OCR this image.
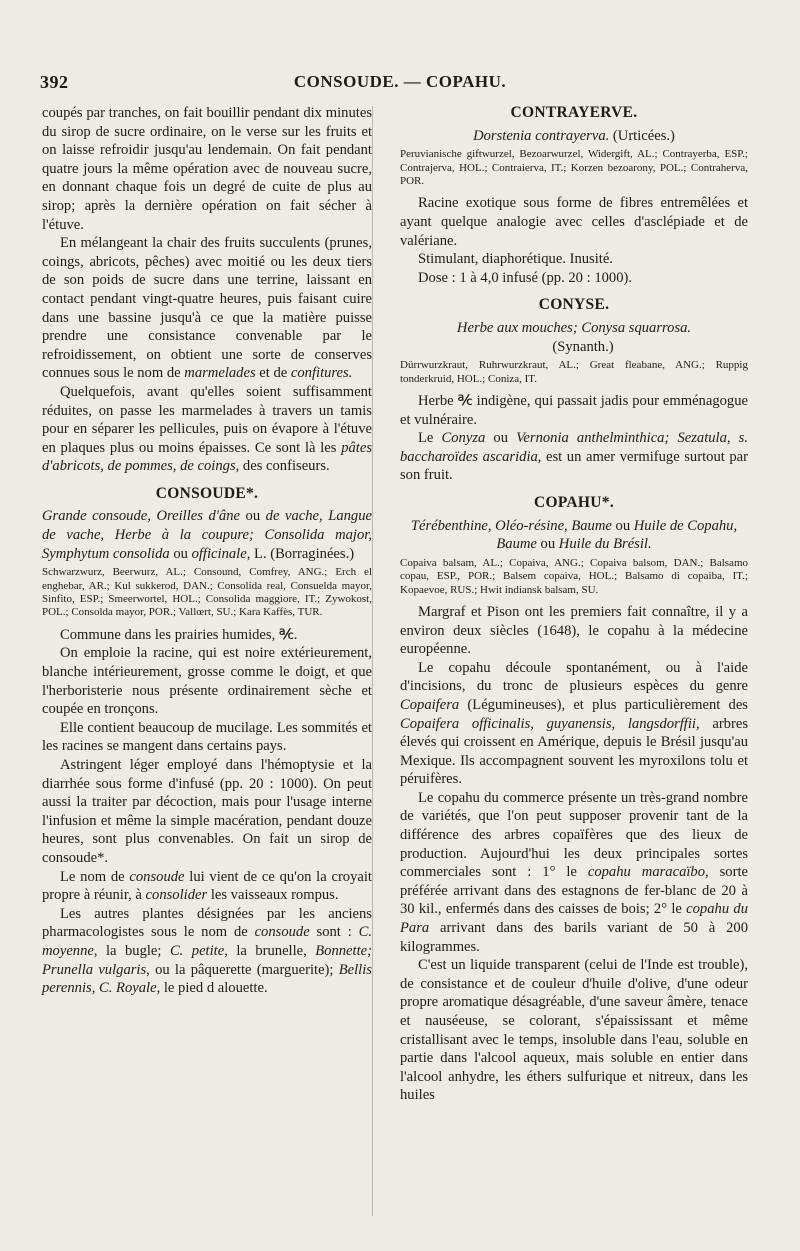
392	CONSOUDE. — COPAHU.

coupés par tranches, on fait bouillir pendant dix minutes du sirop de sucre ordinaire, on le verse sur les fruits et on laisse refroidir jusqu'au lendemain. On fait pendant quatre jours la même opération avec de nouveau sucre, en donnant chaque fois un degré de cuite de plus au sirop; après la dernière opération on fait sécher à l'étuve.

En mélangeant la chair des fruits succulents (prunes, coings, abricots, pêches) avec moitié ou les deux tiers de son poids de sucre dans une terrine, laissant en contact pendant vingt-quatre heures, puis faisant cuire dans une bassine jusqu'à ce que la matière puisse prendre une consistance convenable par le refroidissement, on obtient une sorte de conserves connues sous le nom de marmelades et de confitures.

Quelquefois, avant qu'elles soient suffisamment réduites, on passe les marmelades à travers un tamis pour en séparer les pellicules, puis on évapore à l'étuve en plaques plus ou moins épaisses. Ce sont là les pâtes d'abricots, de pommes, de coings, des confiseurs.

CONSOUDE*.

Grande consoude, Oreilles d'âne ou de vache, Langue de vache, Herbe à la coupure; Consolida major, Symphytum consolida ou officinale, L. (Borraginées.)

Schwarzwurz, Beerwurz, AL.; Consound, Comfrey, ANG.; Erch el enghebar, AR.; Kul sukkerod, DAN.; Consolida real, Consuelda mayor, Sinfito, ESP.; Smeerwortel, HOL.; Consolida maggiore, IT.; Zywokost, POL.; Consolda mayor, POR.; Vallœrt, SU.; Kara Kaffès, TUR.

Commune dans les prairies humides, ℀.

On emploie la racine, qui est noire extérieurement, blanche intérieurement, grosse comme le doigt, et que l'herboristerie nous présente ordinairement sèche et coupée en tronçons.

Elle contient beaucoup de mucilage. Les sommités et les racines se mangent dans certains pays.

Astringent léger employé dans l'hémoptysie et la diarrhée sous forme d'infusé (pp. 20 : 1000). On peut aussi la traiter par décoction, mais pour l'usage interne l'infusion et même la simple macération, pendant douze heures, sont plus convenables. On fait un sirop de consoude*.

Le nom de consoude lui vient de ce qu'on la croyait propre à réunir, à consolider les vaisseaux rompus.

Les autres plantes désignées par les anciens pharmacologistes sous le nom de consoude sont : C. moyenne, la bugle; C. petite, la brunelle, Bonnette; Prunella vulgaris, ou la pâquerette (marguerite); Bellis perennis, C. Royale, le pied d alouette.

CONTRAYERVE.

Dorstenia contrayerva. (Urticées.)

Peruvianische giftwurzel, Bezoarwurzel, Widergift, AL.; Contrayerba, ESP.; Contrajerva, HOL.; Contraierva, IT.; Korzen bezoarony, POL.; Contraherva, POR.

Racine exotique sous forme de fibres entremêlées et ayant quelque analogie avec celles d'asclépiade et de valériane.

Stimulant, diaphorétique. Inusité.

Dose : 1 à 4,0 infusé (pp. 20 : 1000).

CONYSE.

Herbe aux mouches; Conysa squarrosa.

(Synanth.)

Dürrwurzkraut, Ruhrwurzkraut, AL.; Great fleabane, ANG.; Ruppig tonderkruid, HOL.; Coniza, IT.

Herbe ℀ indigène, qui passait jadis pour emménagogue et vulnéraire.

Le Conyza ou Vernonia anthelminthica; Sezatula, s. baccharoïdes ascaridia, est un amer vermifuge surtout par son fruit.

COPAHU*.

Térébenthine, Oléo-résine, Baume ou Huile de Copahu, Baume ou Huile du Brésil.

Copaiva balsam, AL.; Copaiva, ANG.; Copaiva balsom, DAN.; Balsamo copau, ESP., POR.; Balsem copaiva, HOL.; Balsamo di copaiba, IT.; Kopaevoe, RUS.; Hwit indiansk balsam, SU.

Margraf et Pison ont les premiers fait connaître, il y a environ deux siècles (1648), le copahu à la médecine européenne.

Le copahu découle spontanément, ou à l'aide d'incisions, du tronc de plusieurs espèces du genre Copaifera (Légumineuses), et plus particulièrement des Copaifera officinalis, guyanensis, langsdorffii, arbres élevés qui croissent en Amérique, depuis le Brésil jusqu'au Mexique. Ils accompagnent souvent les myroxilons tolu et péruifères.

Le copahu du commerce présente un très-grand nombre de variétés, que l'on peut supposer provenir tant de la différence des arbres copaïfères que des lieux de production. Aujourd'hui les deux principales sortes commerciales sont : 1° le copahu maracaïbo, sorte préférée arrivant dans des estagnons de fer-blanc de 20 à 30 kil., enfermés dans des caisses de bois; 2° le copahu du Para arrivant dans des barils variant de 50 à 200 kilogrammes.

C'est un liquide transparent (celui de l'Inde est trouble), de consistance et de couleur d'huile d'olive, d'une odeur propre aromatique désagréable, d'une saveur âmère, tenace et nauséeuse, se colorant, s'épaississant et même cristallisant avec le temps, insoluble dans l'eau, soluble en partie dans l'alcool aqueux, mais soluble en entier dans l'alcool anhydre, les éthers sulfurique et nitreux, dans les huiles
